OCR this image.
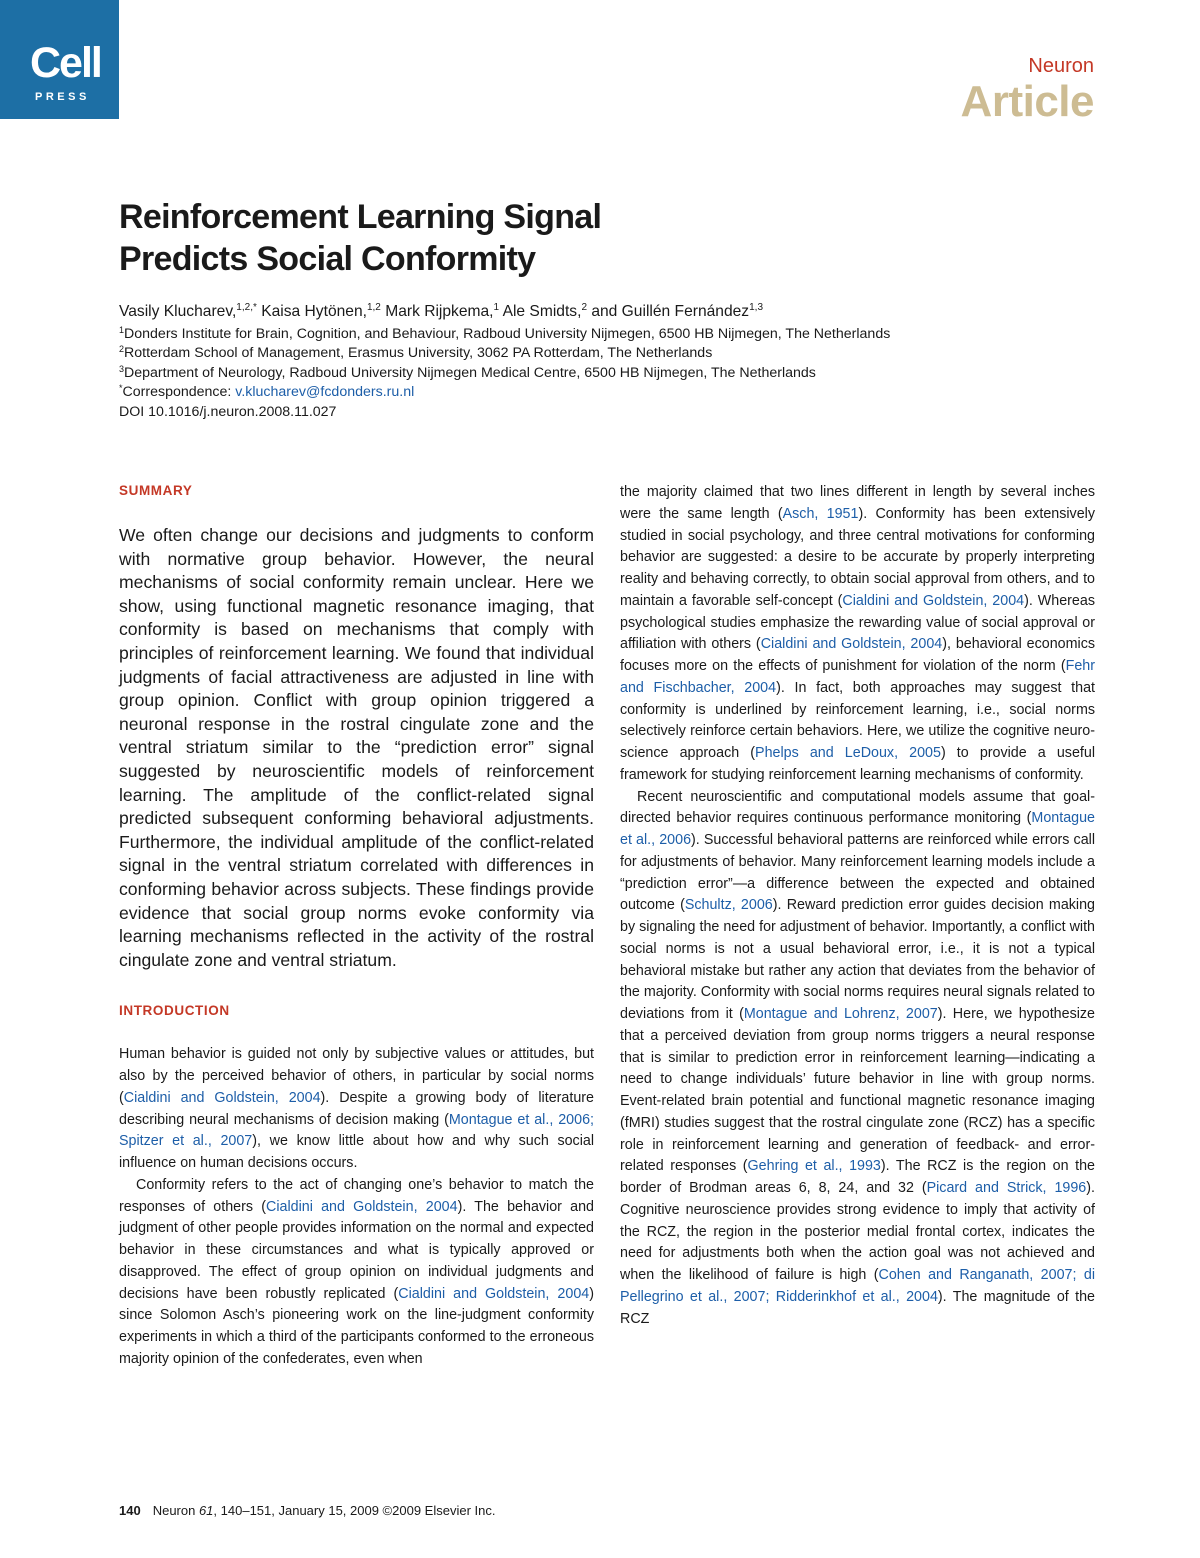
Cell
PRESS
Neuron
Article
Reinforcement Learning Signal
Predicts Social Conformity
Vasily Klucharev,$^{1,2,*}$ Kaisa Hytönen,$^{1,2}$ Mark Rijpkema,$^1$ Ale Smidts,$^2$ and Guillén Fernández$^{1,3}$
$^1$Donders Institute for Brain, Cognition, and Behaviour, Radboud University Nijmegen, 6500 HB Nijmegen, The Netherlands
$^2$Rotterdam School of Management, Erasmus University, 3062 PA Rotterdam, The Netherlands
$^3$Department of Neurology, Radboud University Nijmegen Medical Centre, 6500 HB Nijmegen, The Netherlands
*Correspondence: v.klucharev@fcdonders.ru.nl
DOI 10.1016/j.neuron.2008.11.027
SUMMARY

We often change our decisions and judgments to conform with normative group behavior. However, the neural mechanisms of social conformity remain unclear. Here we show, using functional magnetic resonance imaging, that conformity is based on mechanisms that comply with principles of reinforcement learning. We found that individual judgments of facial attractiveness are adjusted in line with group opinion. Conflict with group opinion triggered a neuronal response in the rostral cingulate zone and the ventral striatum similar to the “prediction error” signal suggested by neuroscientific models of reinforcement learning. The amplitude of the conflict-related signal predicted subsequent conforming behavioral adjustments. Furthermore, the individual amplitude of the conflict-related signal in the ventral striatum correlated with differences in conforming behavior across subjects. These findings provide evidence that social group norms evoke conformity via learning mechanisms reflected in the activity of the rostral cingulate zone and ventral striatum.

INTRODUCTION

Human behavior is guided not only by subjective values or attitudes, but also by the perceived behavior of others, in particular by social norms (Cialdini and Goldstein, 2004). Despite a growing body of literature describing neural mechanisms of decision making (Montague et al., 2006; Spitzer et al., 2007), we know little about how and why such social influence on human decisions occurs.

Conformity refers to the act of changing one’s behavior to match the responses of others (Cialdini and Goldstein, 2004). The behavior and judgment of other people provides information on the normal and expected behavior in these circumstances and what is typically approved or disapproved. The effect of group opinion on individual judgments and decisions have been robustly replicated (Cialdini and Goldstein, 2004) since Solomon Asch’s pioneering work on the line-judgment conformity experiments in which a third of the participants conformed to the erroneous majority opinion of the confederates, even when

the majority claimed that two lines different in length by several inches were the same length (Asch, 1951). Conformity has been extensively studied in social psychology, and three central motivations for conforming behavior are suggested: a desire to be accurate by properly interpreting reality and behaving correctly, to obtain social approval from others, and to maintain a favorable self-concept (Cialdini and Goldstein, 2004). Whereas psychological studies emphasize the rewarding value of social approval or affiliation with others (Cialdini and Goldstein, 2004), behavioral economics focuses more on the effects of punishment for violation of the norm (Fehr and Fischbacher, 2004). In fact, both approaches may suggest that conformity is underlined by reinforcement learning, i.e., social norms selectively reinforce certain behaviors. Here, we utilize the cognitive neuroscience approach (Phelps and LeDoux, 2005) to provide a useful framework for studying reinforcement learning mechanisms of conformity.

Recent neuroscientific and computational models assume that goal-directed behavior requires continuous performance monitoring (Montague et al., 2006). Successful behavioral patterns are reinforced while errors call for adjustments of behavior. Many reinforcement learning models include a “prediction error”—a difference between the expected and obtained outcome (Schultz, 2006). Reward prediction error guides decision making by signaling the need for adjustment of behavior. Importantly, a conflict with social norms is not a usual behavioral error, i.e., it is not a typical behavioral mistake but rather any action that deviates from the behavior of the majority. Conformity with social norms requires neural signals related to deviations from it (Montague and Lohrenz, 2007). Here, we hypothesize that a perceived deviation from group norms triggers a neural response that is similar to prediction error in reinforcement learning—indicating a need to change individuals’ future behavior in line with group norms. Event-related brain potential and functional magnetic resonance imaging (fMRI) studies suggest that the rostral cingulate zone (RCZ) has a specific role in reinforcement learning and generation of feedback- and error-related responses (Gehring et al., 1993). The RCZ is the region on the border of Brodman areas 6, 8, 24, and 32 (Picard and Strick, 1996). Cognitive neuroscience provides strong evidence to imply that activity of the RCZ, the region in the posterior medial frontal cortex, indicates the need for adjustments both when the action goal was not achieved and when the likelihood of failure is high (Cohen and Ranganath, 2007; di Pellegrino et al., 2007; Ridderinkhof et al., 2004). The magnitude of the RCZ

140 Neuron 61, 140–151, January 15, 2009 ©2009 Elsevier Inc.
